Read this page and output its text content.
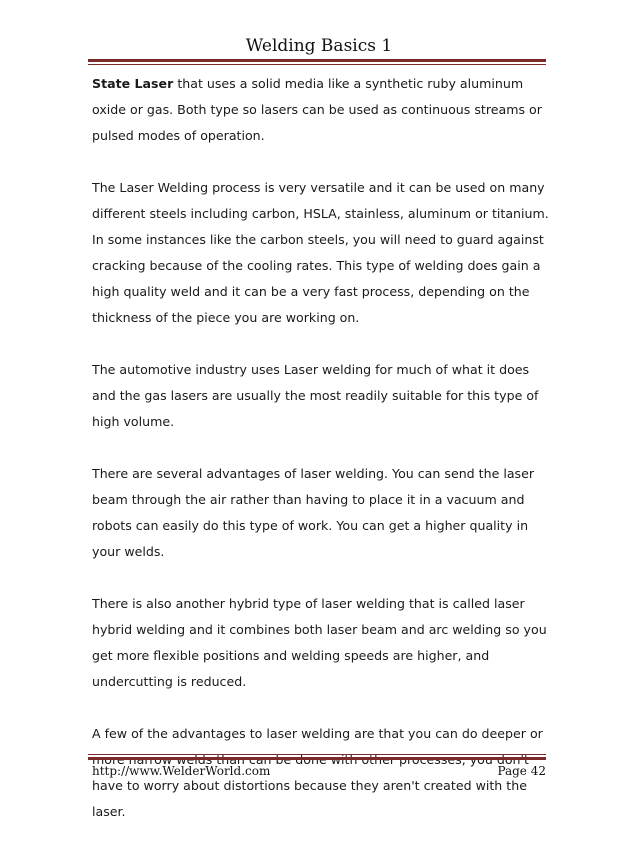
Welding Basics 1

State Laser that uses a solid media like a synthetic ruby aluminum oxide or gas. Both type so lasers can be used as continuous streams or pulsed modes of operation.

The Laser Welding process is very versatile and it can be used on many different steels including carbon, HSLA, stainless, aluminum or titanium. In some instances like the carbon steels, you will need to guard against cracking because of the cooling rates. This type of welding does gain a high quality weld and it can be a very fast process, depending on the thickness of the piece you are working on.

The automotive industry uses Laser welding for much of what it does and the gas lasers are usually the most readily suitable for this type of high volume.

There are several advantages of laser welding. You can send the laser beam through the air rather than having to place it in a vacuum and robots can easily do this type of work. You can get a higher quality in your welds.

There is also another hybrid type of laser welding that is called laser hybrid welding and it combines both laser beam and arc welding so you get more flexible positions and welding speeds are higher, and undercutting is reduced.

A few of the advantages to laser welding are that you can do deeper or have to worry about distortions because they aren't created with the laser.

http://www.WelderWorld.com	Page 42
